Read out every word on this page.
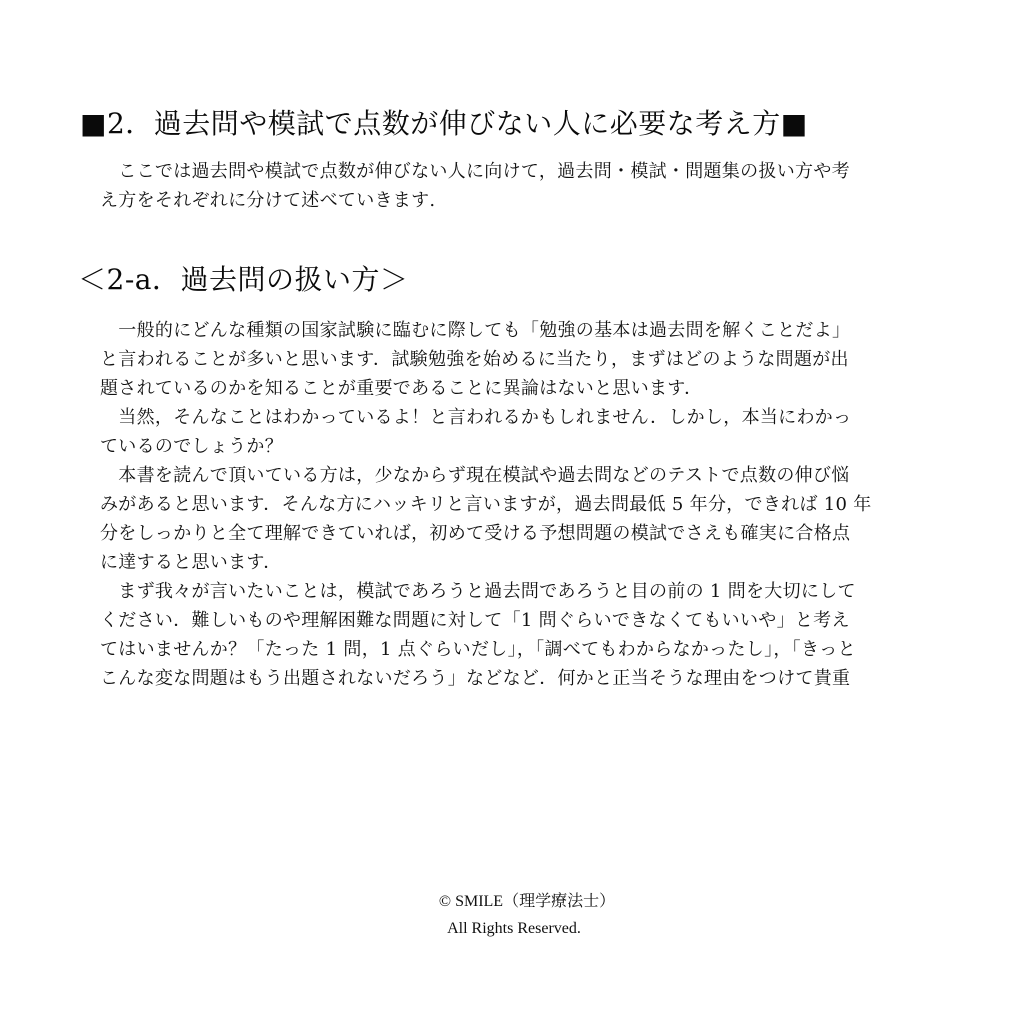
■2．過去問や模試で点数が伸びない人に必要な考え方■
　ここでは過去問や模試で点数が伸びない人に向けて，過去問・模試・問題集の扱い方や考
え方をそれぞれに分けて述べていきます.
＜2-a．過去問の扱い方＞
　一般的にどんな種類の国家試験に臨むに際しても「勉強の基本は過去問を解くことだよ」
と言われることが多いと思います．試験勉強を始めるに当たり，まずはどのような問題が出
題されているのかを知ることが重要であることに異論はないと思います．
　当然，そんなことはわかっているよ！と言われるかもしれません．しかし，本当にわかっ
ているのでしょうか？
　本書を読んで頂いている方は，少なからず現在模試や過去問などのテストで点数の伸び悩
みがあると思います．そんな方にハッキリと言いますが，過去問最低 5 年分，できれば 10 年
分をしっかりと全て理解できていれば，初めて受ける予想問題の模試でさえも確実に合格点
に達すると思います．
　まず我々が言いたいことは，模試であろうと過去問であろうと目の前の 1 問を大切にして
ください．難しいものや理解困難な問題に対して「1 問ぐらいできなくてもいいや」と考え
てはいませんか？「たった 1 問，1 点ぐらいだし」，「調べてもわからなかったし」，「きっと
こんな変な問題はもう出題されないだろう」などなど．何かと正当そうな理由をつけて貴重
© SMILE（理学療法士）
All Rights Reserved.
